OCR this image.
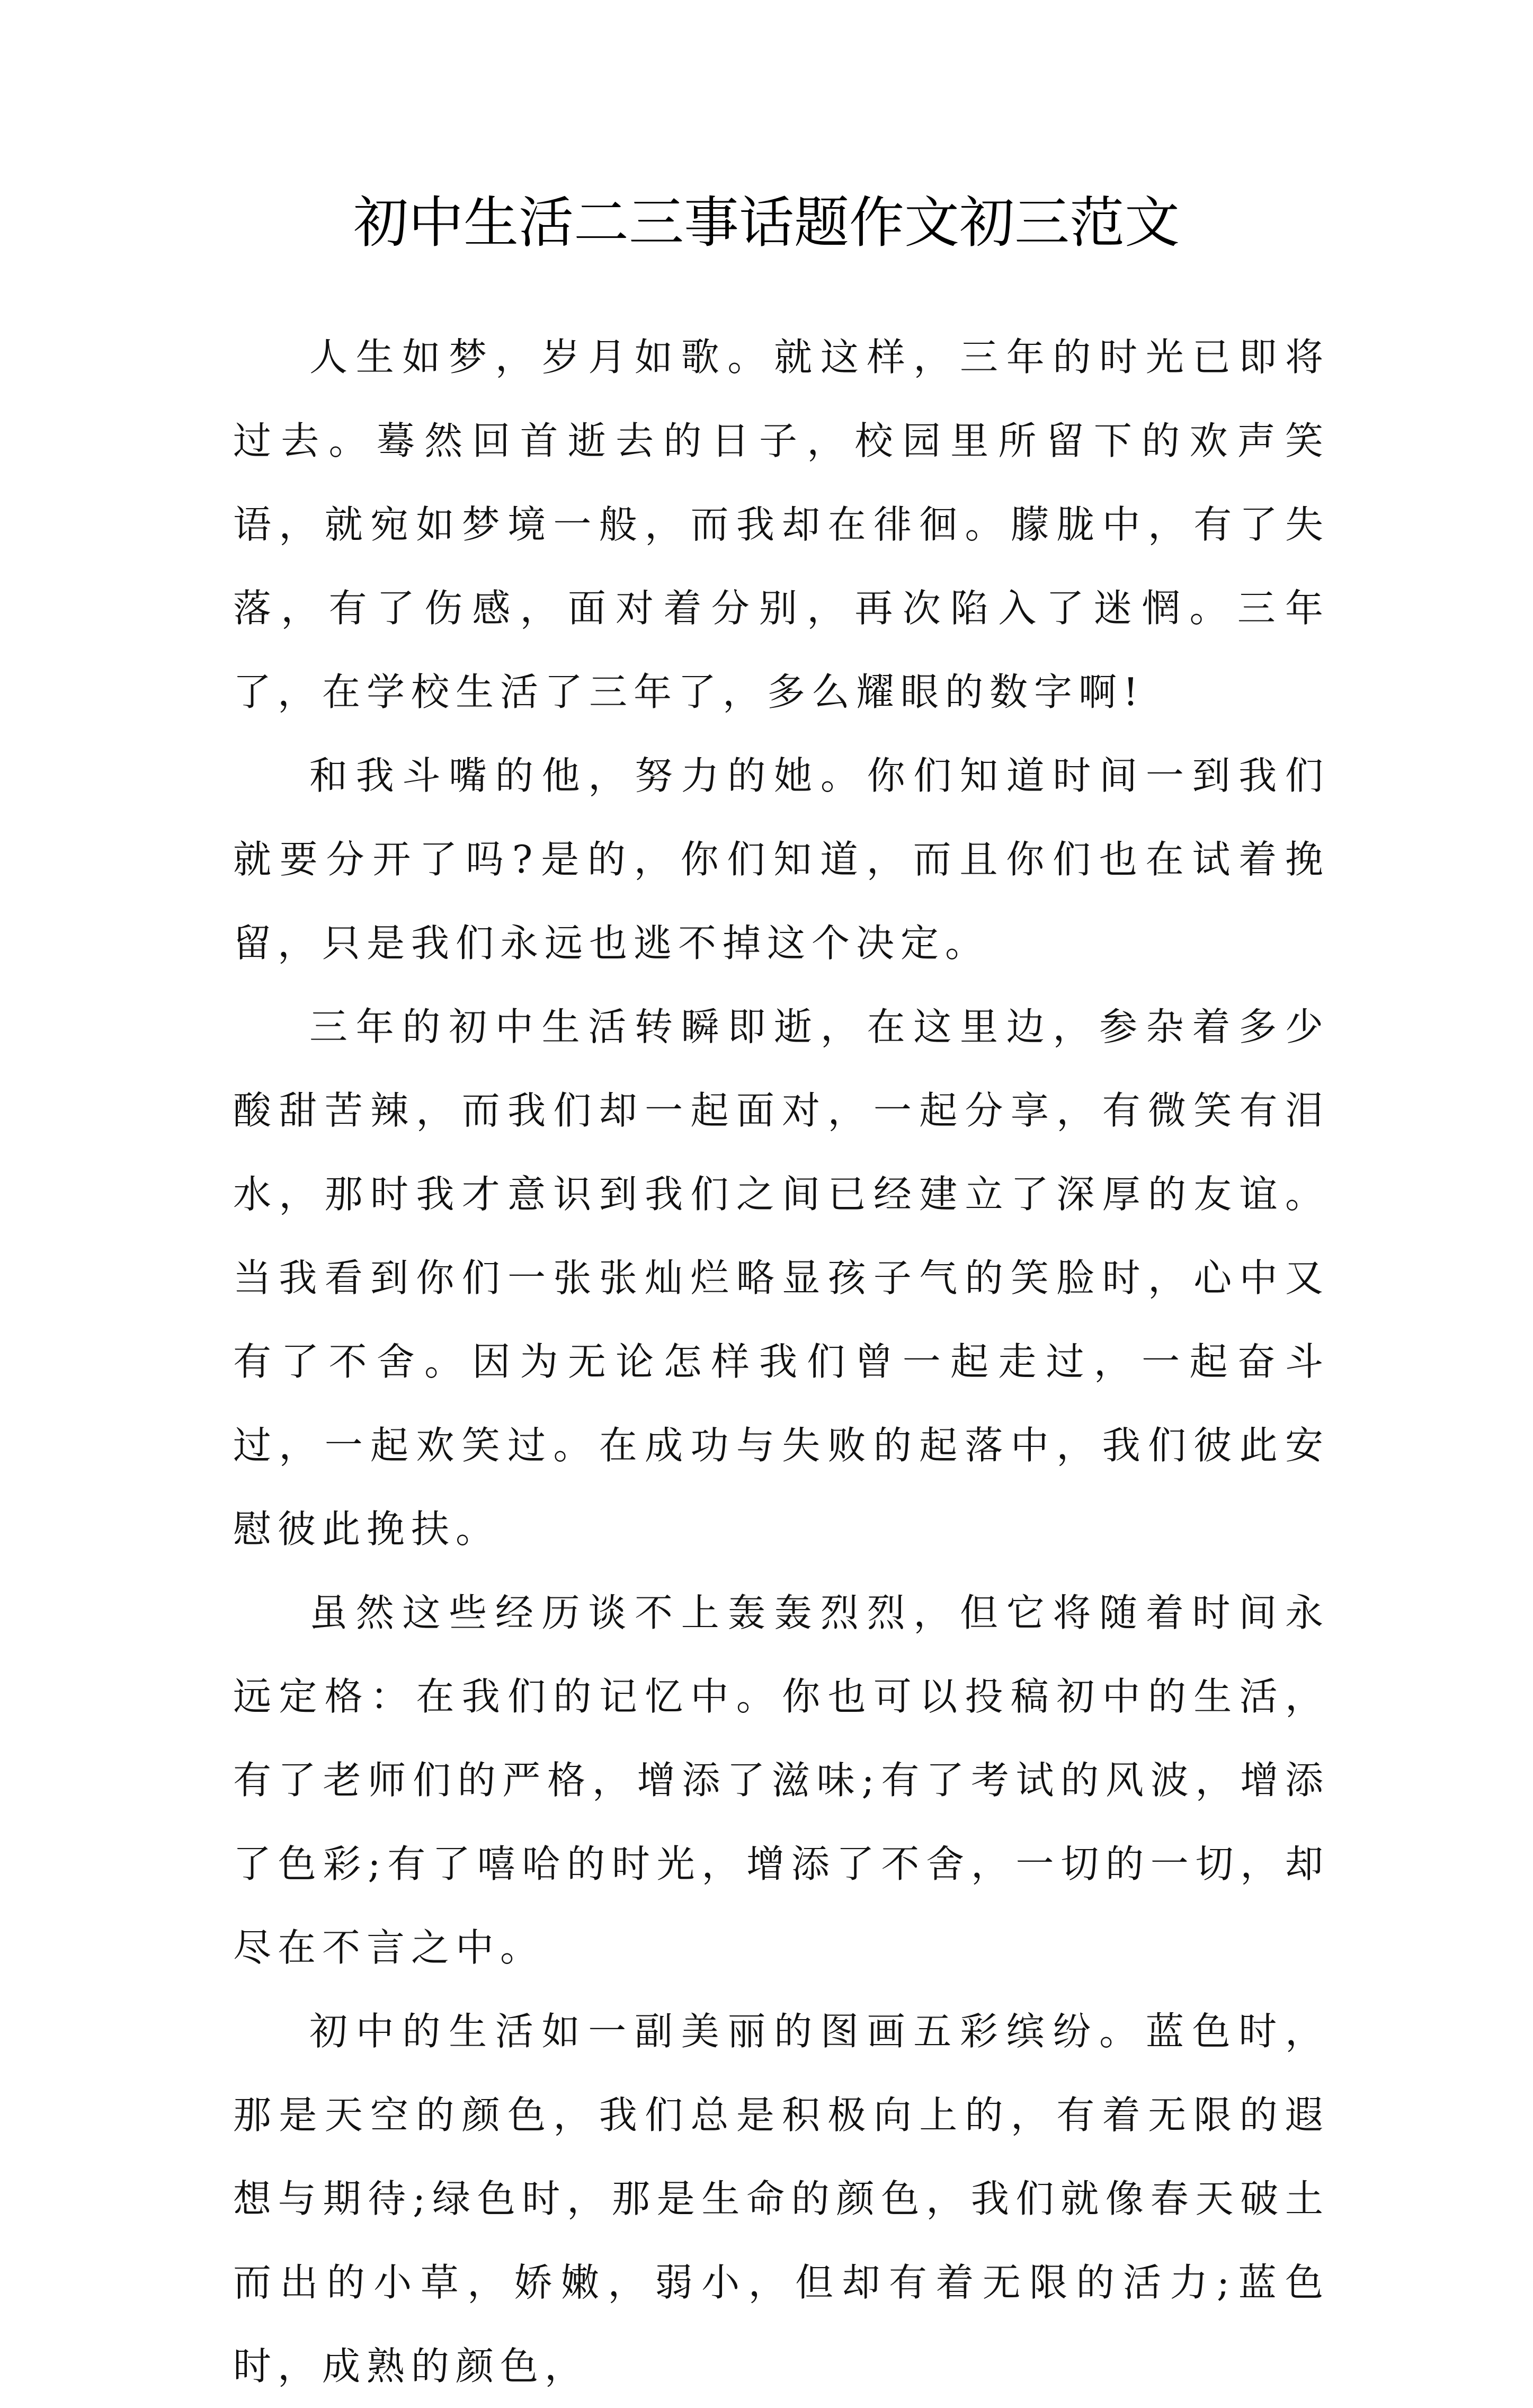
初中生活二三事话题作文初三范文

人生如梦，岁月如歌。就这样，三年的时光已即将过去。蓦然回首逝去的日子，校园里所留下的欢声笑语，就宛如梦境一般，而我却在徘徊。朦胧中，有了失落，有了伤感，面对着分别，再次陷入了迷惘。三年了，在学校生活了三年了，多么耀眼的数字啊!

和我斗嘴的他，努力的她。你们知道时间一到我们就要分开了吗?是的，你们知道，而且你们也在试着挽留，只是我们永远也逃不掉这个决定。

三年的初中生活转瞬即逝，在这里边，参杂着多少酸甜苦辣，而我们却一起面对，一起分享，有微笑有泪水，那时我才意识到我们之间已经建立了深厚的友谊。当我看到你们一张张灿烂略显孩子气的笑脸时，心中又有了不舍。因为无论怎样我们曾一起走过，一起奋斗过，一起欢笑过。在成功与失败的起落中，我们彼此安慰彼此挽扶。

虽然这些经历谈不上轰轰烈烈，但它将随着时间永远定格：在我们的记忆中。你也可以投稿初中的生活，有了老师们的严格，增添了滋味;有了考试的风波，增添了色彩;有了嘻哈的时光，增添了不舍，一切的一切，却尽在不言之中。

初中的生活如一副美丽的图画五彩缤纷。蓝色时，那是天空的颜色，我们总是积极向上的，有着无限的遐想与期待;绿色时，那是生命的颜色，我们就像春天破土而出的小草，娇嫩，弱小，但却有着无限的活力;蓝色时，成熟的颜色，
